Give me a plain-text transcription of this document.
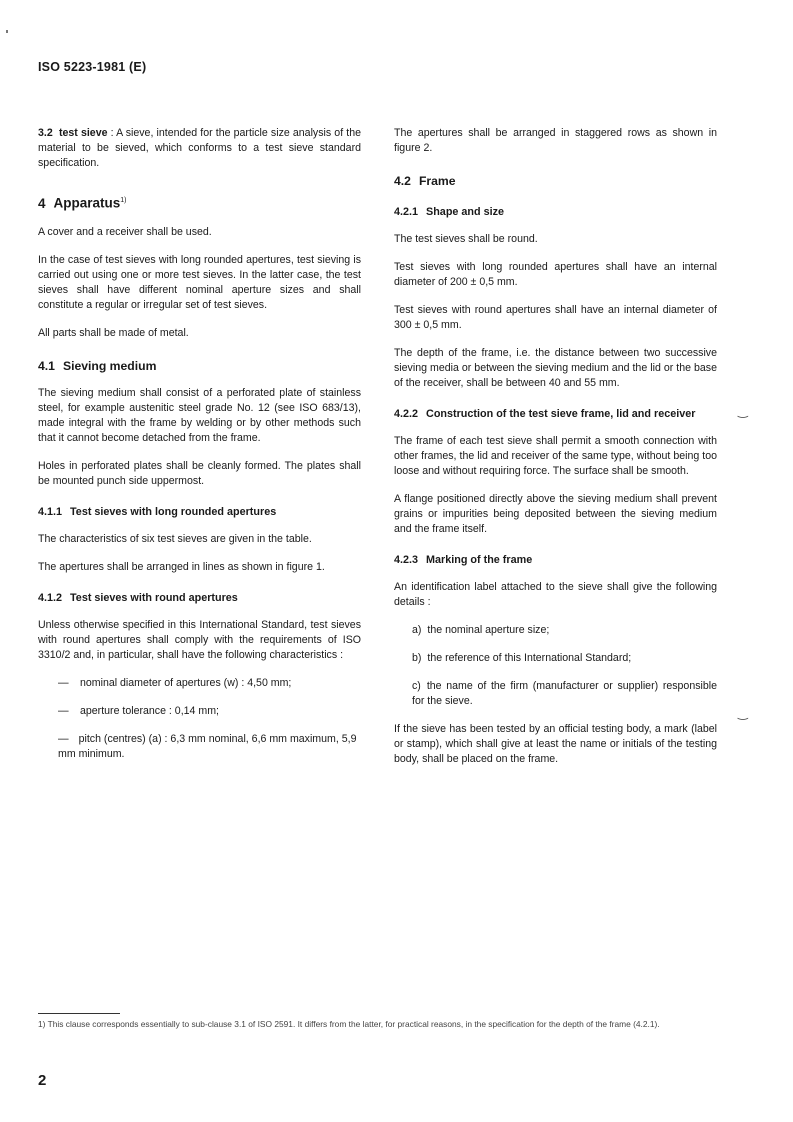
ISO 5223-1981 (E)

3.2 test sieve : A sieve, intended for the particle size analysis of the material to be sieved, which conforms to a test sieve standard specification.

4 Apparatus$^{1)}$

A cover and a receiver shall be used.

In the case of test sieves with long rounded apertures, test sieving is carried out using one or more test sieves. In the latter case, the test sieves shall have different nominal aperture sizes and shall constitute a regular or irregular set of test sieves.

All parts shall be made of metal.

4.1 Sieving medium

The sieving medium shall consist of a perforated plate of stainless steel, for example austenitic steel grade No. 12 (see ISO 683/13), made integral with the frame by welding or by other methods such that it cannot become detached from the frame.

Holes in perforated plates shall be cleanly formed. The plates shall be mounted punch side uppermost.

4.1.1 Test sieves with long rounded apertures

The characteristics of six test sieves are given in the table.

The apertures shall be arranged in lines as shown in figure 1.

4.1.2 Test sieves with round apertures

Unless otherwise specified in this International Standard, test sieves with round apertures shall comply with the requirements of ISO 3310/2 and, in particular, shall have the following characteristics :

—	nominal diameter of apertures (w) : 4,50 mm;
—	aperture tolerance : 0,14 mm;
— pitch (centres) (a) : 6,3 mm nominal, 6,6 mm maximum, 5,9 mm minimum.

The apertures shall be arranged in staggered rows as shown in figure 2.

4.2 Frame
4.2.1 Shape and size

The test sieves shall be round.

Test sieves with long rounded apertures shall have an internal diameter of 200 ± 0,5 mm.

Test sieves with round apertures shall have an internal diameter of 300 ± 0,5 mm.

The depth of the frame, i.e. the distance between two successive sieving media or between the sieving medium and the lid or the base of the receiver, shall be between 40 and 55 mm.

4.2.2 Construction of the test sieve frame, lid and receiver

The frame of each test sieve shall permit a smooth connection with other frames, the lid and receiver of the same type, without being too loose and without requiring force. The surface shall be smooth.

A flange positioned directly above the sieving medium shall prevent grains or impurities being deposited between the sieving medium and the frame itself.

4.2.3 Marking of the frame

An identification label attached to the sieve shall give the following details :

a) the nominal aperture size;
b) the reference of this International Standard;
c) the name of the firm (manufacturer or supplier) responsible for the sieve.

If the sieve has been tested by an official testing body, a mark (label or stamp), which shall give at least the name or initials of the testing body, shall be placed on the frame.

‿
‿
1) This clause corresponds essentially to sub-clause 3.1 of ISO 2591. It differs from the latter, for practical reasons, in the specification for the depth of the frame (4.2.1).
2
